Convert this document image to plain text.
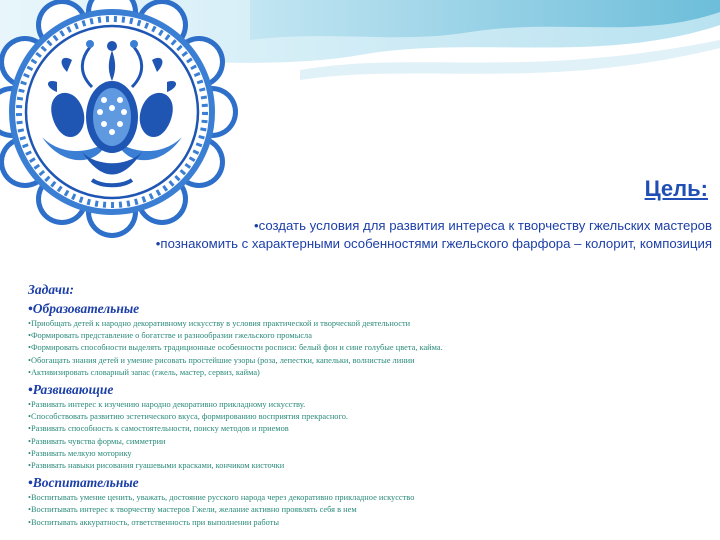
Цель:
•создать условия для развития интереса к творчеству гжельских мастеров
•познакомить с характерными особенностями гжельского фарфора – колорит, композиция
Задачи:
•Образовательные
•Приобщать детей к народно декоративному искусству в условия практической и творческой деятельности
•Формировать представление о богатстве и разнообразии гжельского промысла
•Формировать способности выделять традиционные особенности росписи: белый фон и сине голубые цвета, кайма.
•Обогащать знания детей и умение рисовать простейшие узоры (роза, лепестки, капельки, волнистые линии
•Активизировать словарный запас (гжель, мастер, сервиз, кайма)
•Развивающие
•Развивать интерес к изучению народно декоративно прикладному искусству.
•Способствовать развитию эстетического вкуса, формированию восприятия прекрасного.
•Развивать способность к самостоятельности, поиску методов и приемов
•Развивать чувства формы, симметрии
•Развивать мелкую моторику
•Развивать навыки рисования гуашевыми красками, кончиком кисточки
•Воспитательные
•Воспитывать умение ценить, уважать, достояние русского народа через декоративно прикладное искусство
•Воспитывать интерес к творчеству мастеров Гжели, желание активно проявлять себя в нем
•Воспитывать аккуратность, ответственность при выполнении работы
